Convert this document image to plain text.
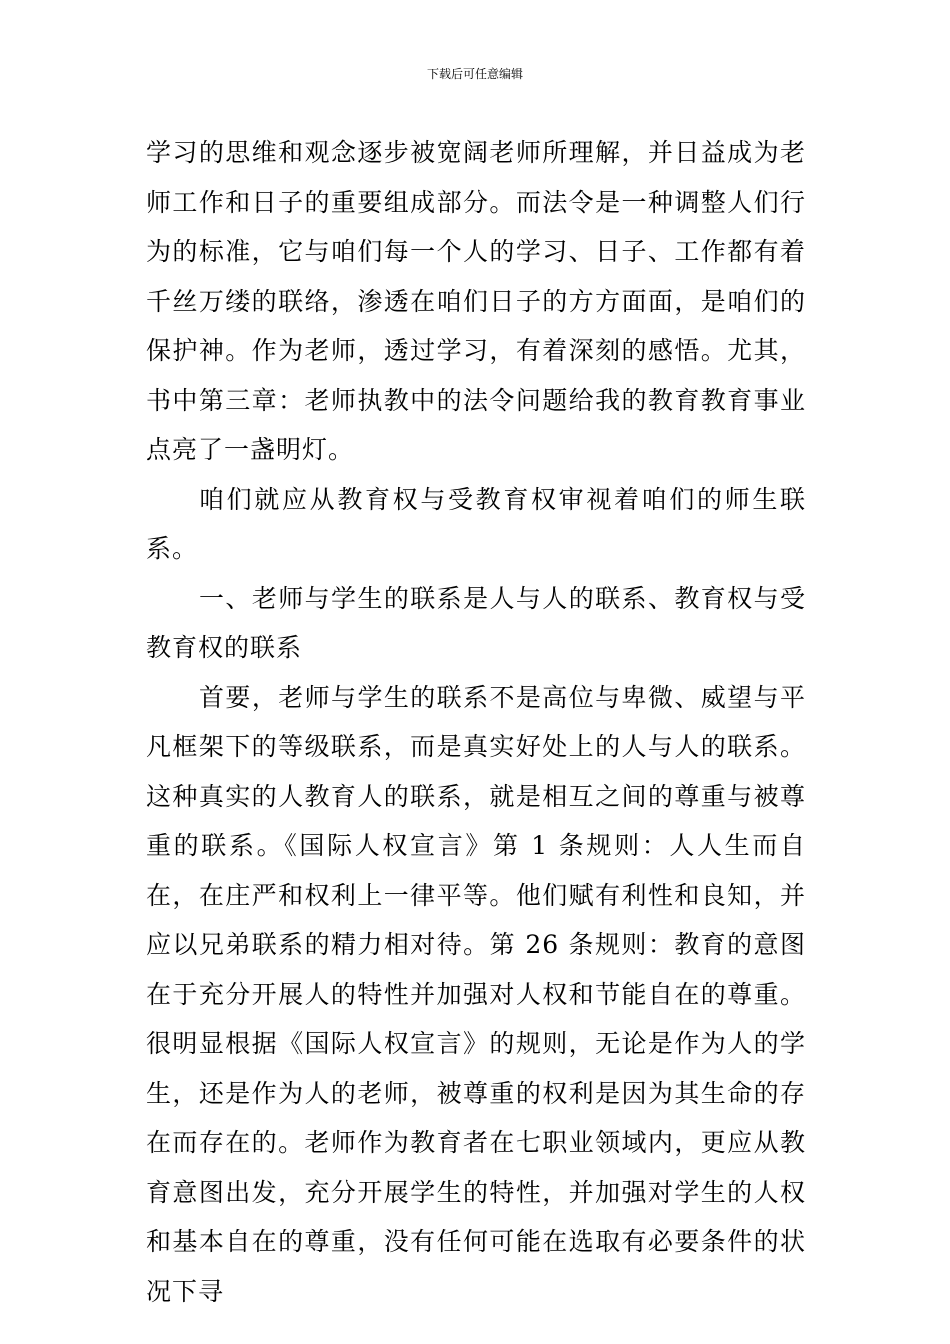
下载后可任意编辑

学习的思维和观念逐步被宽阔老师所理解，并日益成为老师工作和日子的重要组成部分。而法令是一种调整人们行为的标准，它与咱们每一个人的学习、日子、工作都有着千丝万缕的联络，渗透在咱们日子的方方面面，是咱们的保护神。作为老师，透过学习，有着深刻的感悟。尤其，书中第三章：老师执教中的法令问题给我的教育教育事业点亮了一盏明灯。

咱们就应从教育权与受教育权审视着咱们的师生联系。

一、老师与学生的联系是人与人的联系、教育权与受教育权的联系

首要，老师与学生的联系不是高位与卑微、威望与平凡框架下的等级联系，而是真实好处上的人与人的联系。这种真实的人教育人的联系，就是相互之间的尊重与被尊重的联系。《国际人权宣言》第 1 条规则：人人生而自在，在庄严和权利上一律平等。他们赋有利性和良知，并应以兄弟联系的精力相对待。第 26 条规则：教育的意图在于充分开展人的特性并加强对人权和节能自在的尊重。很明显根据《国际人权宣言》的规则，无论是作为人的学生，还是作为人的老师，被尊重的权利是因为其生命的存在而存在的。老师作为教育者在七职业领域内，更应从教育意图出发，充分开展学生的特性，并加强对学生的人权和基本自在的尊重，没有任何可能在选取有必要条件的状况下寻
